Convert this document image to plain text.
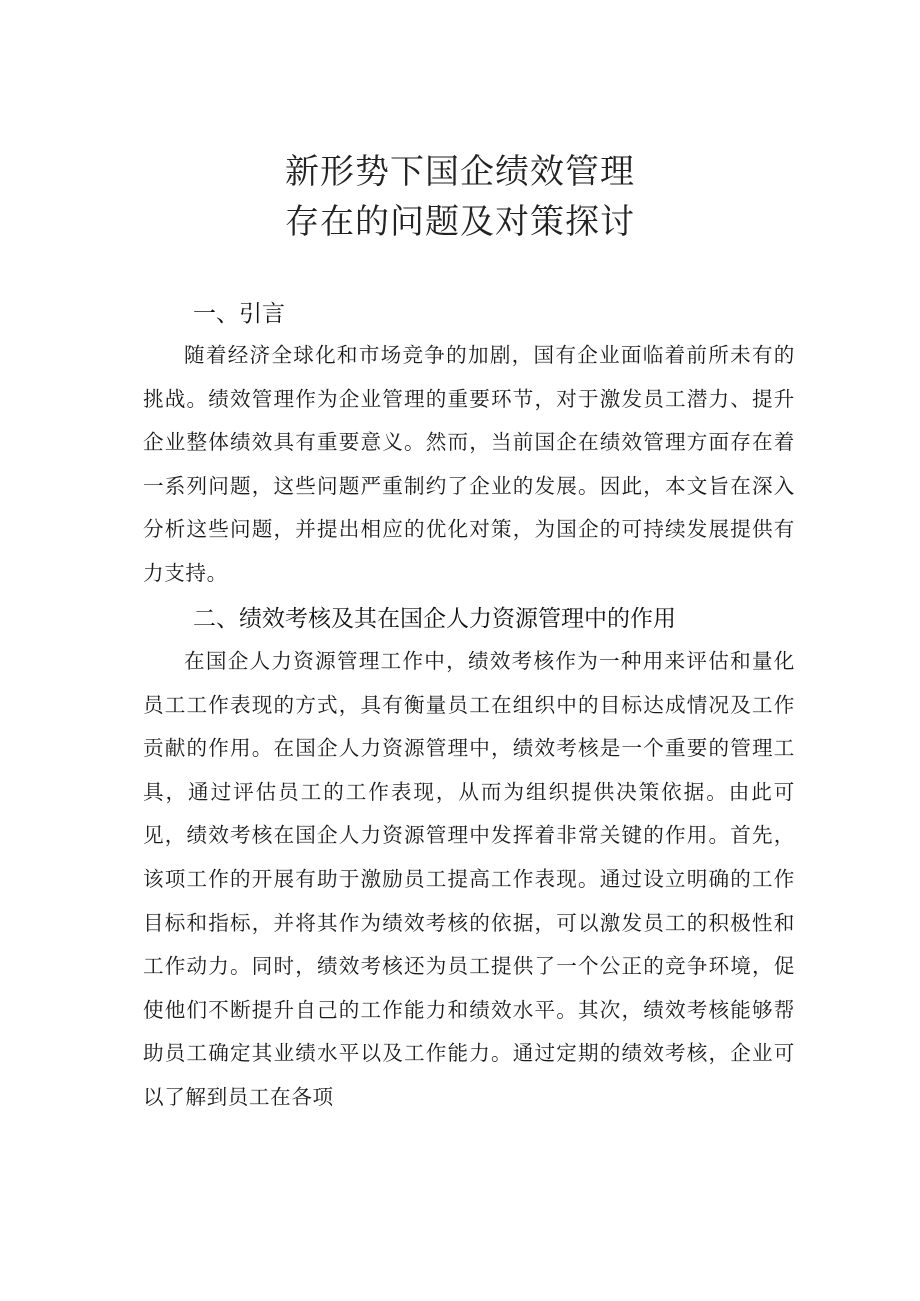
新形势下国企绩效管理
存在的问题及对策探讨
一、引言

随着经济全球化和市场竞争的加剧，国有企业面临着前所未有的挑战。绩效管理作为企业管理的重要环节，对于激发员工潜力、提升企业整体绩效具有重要意义。然而，当前国企在绩效管理方面存在着一系列问题，这些问题严重制约了企业的发展。因此，本文旨在深入分析这些问题，并提出相应的优化对策，为国企的可持续发展提供有力支持。

二、绩效考核及其在国企人力资源管理中的作用

在国企人力资源管理工作中，绩效考核作为一种用来评估和量化员工工作表现的方式，具有衡量员工在组织中的目标达成情况及工作贡献的作用。在国企人力资源管理中，绩效考核是一个重要的管理工具，通过评估员工的工作表现，从而为组织提供决策依据。由此可见，绩效考核在国企人力资源管理中发挥着非常关键的作用。首先，该项工作的开展有助于激励员工提高工作表现。通过设立明确的工作目标和指标，并将其作为绩效考核的依据，可以激发员工的积极性和工作动力。同时，绩效考核还为员工提供了一个公正的竞争环境，促使他们不断提升自己的工作能力和绩效水平。其次，绩效考核能够帮助员工确定其业绩水平以及工作能力。通过定期的绩效考核，企业可以了解到员工在各项
